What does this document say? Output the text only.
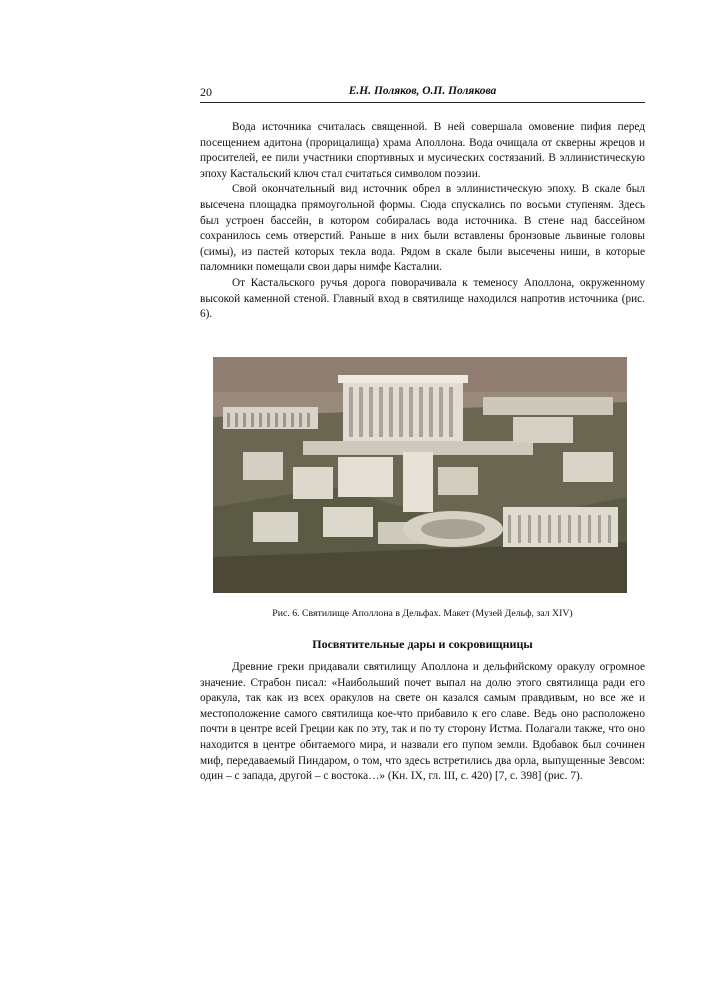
20	Е.Н. Поляков, О.П. Полякова

Вода источника считалась священной. В ней совершала омовение пифия перед посещением адитона (прорицалища) храма Аполлона. Вода очищала от скверны жрецов и просителей, ее пили участники спортивных и мусических состязаний. В эллинистическую эпоху Кастальский ключ стал считаться символом поэзии.

Свой окончательный вид источник обрел в эллинистическую эпоху. В скале был высечена площадка прямоугольной формы. Сюда спускались по восьми ступеням. Здесь был устроен бассейн, в котором собиралась вода источника. В стене над бассейном сохранилось семь отверстий. Раньше в них были вставлены бронзовые львиные головы (симы), из пастей которых текла вода. Рядом в скале были высечены ниши, в которые паломники помещали свои дары нимфе Касталии.

От Кастальского ручья дорога поворачивала к теменосу Аполлона, окруженному высокой каменной стеной. Главный вход в святилище находился напротив источника (рис. 6).

Рис. 6. Святилище Аполлона в Дельфах. Макет (Музей Дельф, зал XIV)
Посвятительные дары и сокровищницы

Древние греки придавали святилищу Аполлона и дельфийскому оракулу огромное значение. Страбон писал: «Наибольший почет выпал на долю этого святилища ради его оракула, так как из всех оракулов на свете он казался самым правдивым, но все же и местоположение самого святилища кое-что прибавило к его славе. Ведь оно расположено почти в центре всей Греции как по эту, так и по ту сторону Истма. Полагали также, что оно находится в центре обитаемого мира, и назвали его пупом земли. Вдобавок был сочинен миф, передаваемый Пиндаром, о том, что здесь встретились два орла, выпущенные Зевсом: один – с запада, другой – с востока…» (Кн. IX, гл. III, с. 420) [7, с. 398] (рис. 7).
